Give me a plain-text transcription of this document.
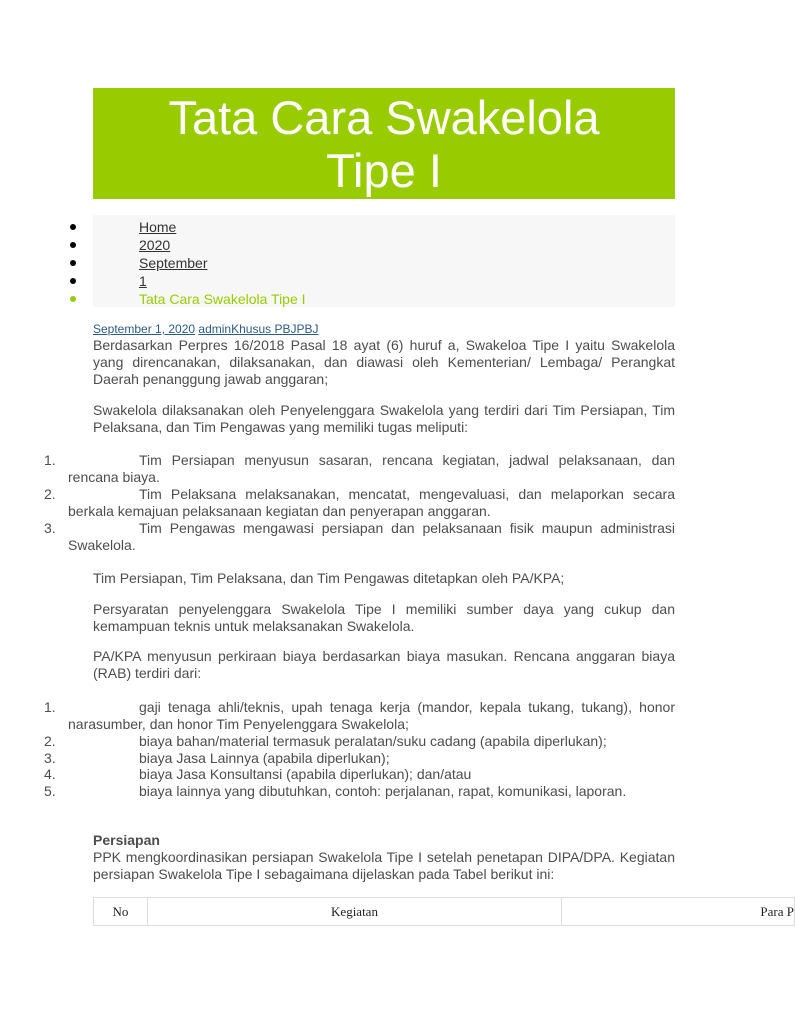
Tata Cara Swakelola Tipe I
Home
2020
September
1
Tata Cara Swakelola Tipe I
September 1, 2020 adminKhusus PBJPBJ
Berdasarkan Perpres 16/2018 Pasal 18 ayat (6) huruf a, Swakeloa Tipe I yaitu Swakelola yang direncanakan, dilaksanakan, dan diawasi oleh Kementerian/ Lembaga/ Perangkat Daerah penanggung jawab anggaran;
Swakelola dilaksanakan oleh Penyelenggara Swakelola yang terdiri dari Tim Persiapan, Tim Pelaksana, dan Tim Pengawas yang memiliki tugas meliputi:
1.	Tim Persiapan menyusun sasaran, rencana kegiatan, jadwal pelaksanaan, dan rencana biaya.
2.	Tim Pelaksana melaksanakan, mencatat, mengevaluasi, dan melaporkan secara berkala kemajuan pelaksanaan kegiatan dan penyerapan anggaran.
3.	Tim Pengawas mengawasi persiapan dan pelaksanaan fisik maupun administrasi Swakelola.
Tim Persiapan, Tim Pelaksana, dan Tim Pengawas ditetapkan oleh PA/KPA;
Persyaratan penyelenggara Swakelola Tipe I memiliki sumber daya yang cukup dan kemampuan teknis untuk melaksanakan Swakelola.
PA/KPA menyusun perkiraan biaya berdasarkan biaya masukan. Rencana anggaran biaya (RAB) terdiri dari:
1.	gaji tenaga ahli/teknis, upah tenaga kerja (mandor, kepala tukang, tukang), honor narasumber, dan honor Tim Penyelenggara Swakelola;
2.	biaya bahan/material termasuk peralatan/suku cadang (apabila diperlukan);
3.	biaya Jasa Lainnya (apabila diperlukan);
4.	biaya Jasa Konsultansi (apabila diperlukan); dan/atau
5.	biaya lainnya yang dibutuhkan, contoh: perjalanan, rapat, komunikasi, laporan.
Persiapan
PPK mengkoordinasikan persiapan Swakelola Tipe I setelah penetapan DIPA/DPA. Kegiatan persiapan Swakelola Tipe I sebagaimana dijelaskan pada Tabel berikut ini:
No	Kegiatan	Para P
